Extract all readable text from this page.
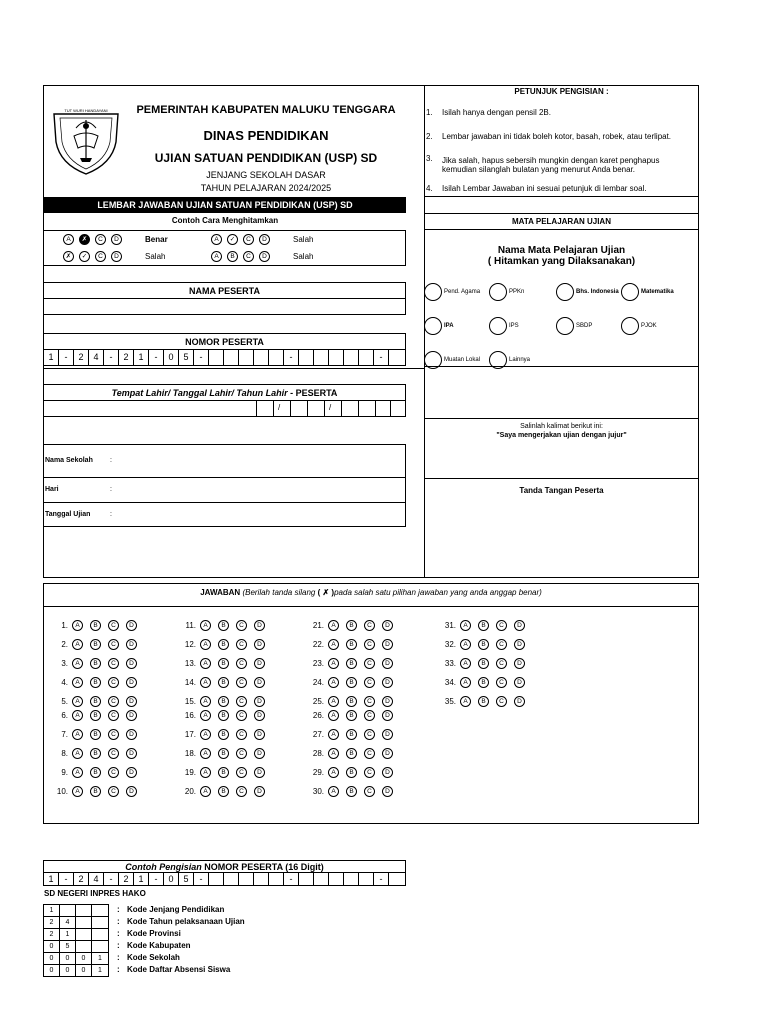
TUT WURI HANDAYANI	PEMERINTAH KABUPATEN MALUKU TENGGARA
DINAS PENDIDIKAN
UJIAN SATUAN PENDIDIKAN (USP) SD
JENJANG SEKOLAH DASAR
TAHUN PELAJARAN 2024/2025
LEMBAR JAWABAN UJIAN SATUAN PENDIDIKAN (USP) SD
PETUNJUK PENGISIAN :
1. Isilah hanya dengan pensil 2B.
2. Lembar jawaban ini tidak boleh kotor, basah, robek, atau terlipat.
3. Jika salah, hapus sebersih mungkin dengan karet penghapus kemudian silanglah bulatan yang menurut Anda benar.
4. Isilah Lembar Jawaban ini sesuai petunjuk di lembar soal.
Contoh Cara Menghitamkan
A	✗	C	D	Benar	A	✓	C	D	Salah
✗	✓	C	D	Salah	A	B	C	D	Salah
MATA PELAJARAN UJIAN
Nama Mata Pelajaran Ujian
( Hitamkan yang Dilaksanakan)
Pend. Agama	PPKn	Bhs. Indonesia	Matematika
IPA	IPS	SBDP	PJOK
Muatan Lokal	Lainnya
NAMA PESERTA
NOMOR PESERTA
1	-	2	4	-	2	1	-	0	5	-	-	-
Tempat Lahir/ Tanggal Lahir/ Tahun Lahir - PESERTA
/	/
Nama Sekolah :
Hari	:
Tanggal Ujian	:
Salinlah kalimat berikut ini:
"Saya mengerjakan ujian dengan jujur"
Tanda Tangan Peserta
JAWABAN (Berilah tanda silang ( ✗ )pada salah satu pilihan jawaban yang anda anggap benar)
1.	A	B	C	D
2.	A	B	C	D
3.	A	B	C	D
4.	A	B	C	D
5.	A	B	C	D
6.	A	B	C	D
7.	A	B	C	D
8.	A	B	C	D
9.	A	B	C	D
10.	A	B	C	D
11.	A	B	C	D
12.	A	B	C	D
13.	A	B	C	D
14.	A	B	C	D
15.	A	B	C	D
16.	A	B	C	D
17.	A	B	C	D
18.	A	B	C	D
19.	A	B	C	D
20.	A	B	C	D
21.	A	B	C	D
22.	A	B	C	D
23.	A	B	C	D
24.	A	B	C	D
25.	A	B	C	D
26.	A	B	C	D
27.	A	B	C	D
28.	A	B	C	D
29.	A	B	C	D
30.	A	B	C	D
31.	A	B	C	D
32.	A	B	C	D
33.	A	B	C	D
34.	A	B	C	D
35.	A	B	C	D
Contoh Pengisian NOMOR PESERTA (16 Digit)
1	-	2	4	-	2	1	-	0	5	-	-	-
SD NEGERI INPRES HAKO
1	: Kode Jenjang Pendidikan
2	4	: Kode Tahun pelaksanaan Ujian
2	1	: Kode Provinsi
0	5	: Kode Kabupaten
0	0	0	1	: Kode Sekolah
0	0	0	1	: Kode Daftar Absensi Siswa
